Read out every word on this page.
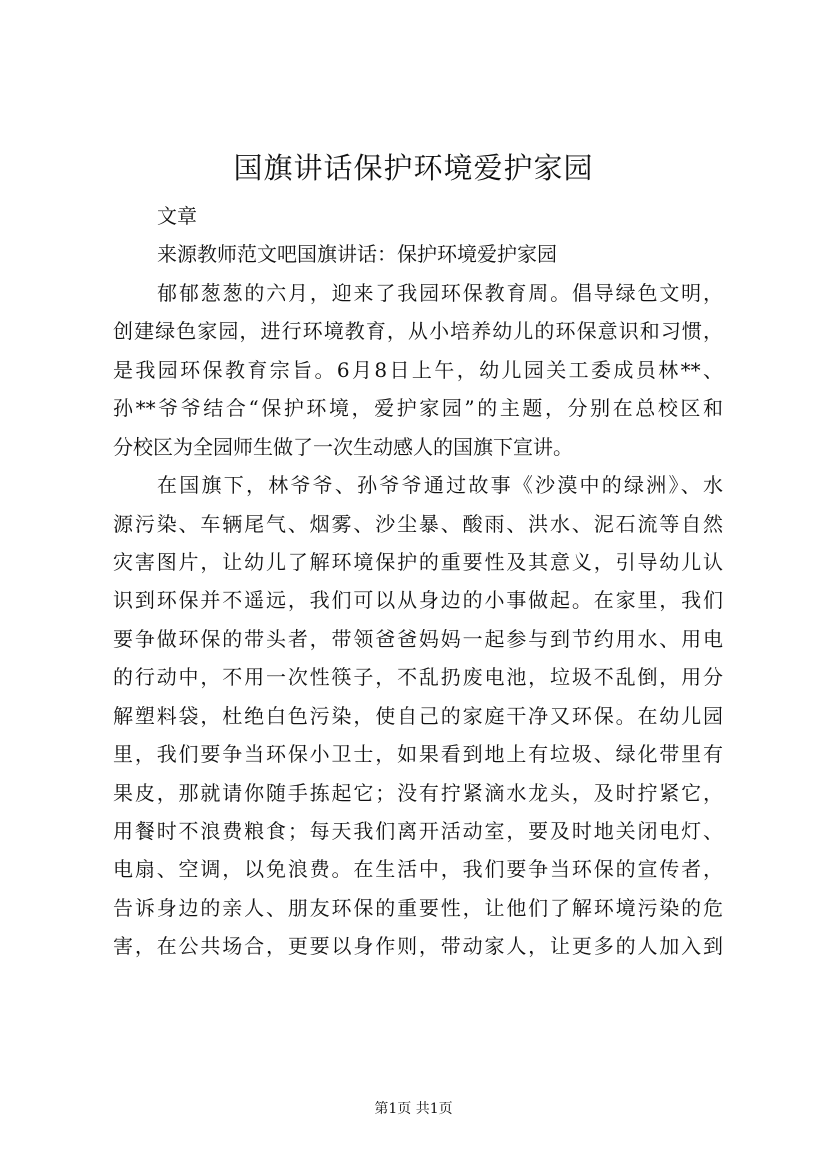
国旗讲话保护环境爱护家园
文章
来源教师范文吧国旗讲话：保护环境爱护家园
郁郁葱葱的六月，迎来了我园环保教育周。倡导绿色文明，
创建绿色家园，进行环境教育，从小培养幼儿的环保意识和习惯，
是我园环保教育宗旨。6月8日上午，幼儿园关工委成员林**、
孙**爷爷结合“保护环境，爱护家园”的主题，分别在总校区和
分校区为全园师生做了一次生动感人的国旗下宣讲。
在国旗下，林爷爷、孙爷爷通过故事《沙漠中的绿洲》、水
源污染、车辆尾气、烟雾、沙尘暴、酸雨、洪水、泥石流等自然
灾害图片，让幼儿了解环境保护的重要性及其意义，引导幼儿认
识到环保并不遥远，我们可以从身边的小事做起。在家里，我们
要争做环保的带头者，带领爸爸妈妈一起参与到节约用水、用电
的行动中，不用一次性筷子，不乱扔废电池，垃圾不乱倒，用分
解塑料袋，杜绝白色污染，使自己的家庭干净又环保。在幼儿园
里，我们要争当环保小卫士，如果看到地上有垃圾、绿化带里有
果皮，那就请你随手拣起它；没有拧紧滴水龙头，及时拧紧它，
用餐时不浪费粮食；每天我们离开活动室，要及时地关闭电灯、
电扇、空调，以免浪费。在生活中，我们要争当环保的宣传者，
告诉身边的亲人、朋友环保的重要性，让他们了解环境污染的危
害，在公共场合，更要以身作则，带动家人，让更多的人加入到
第1页 共1页
